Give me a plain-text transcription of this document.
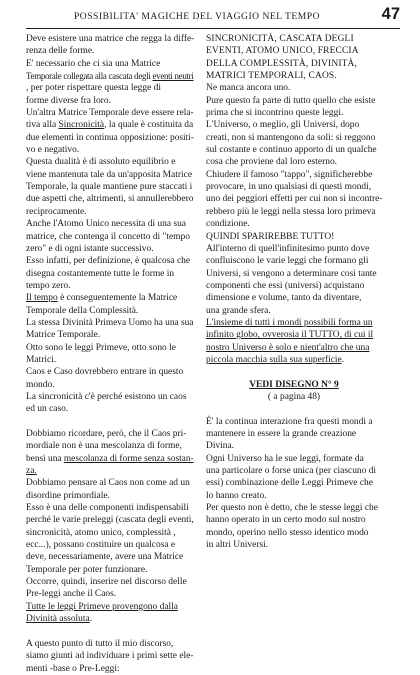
POSSIBILITA' MAGICHE DEL VIAGGIO NEL TEMPO	47
Deve esistere una matrice che regga la diffe-
renza delle forme.
E' necessario che ci sia una Matrice
Temporale collegata alla cascata degli eventi neutri
, per poter rispettare questa legge di
forme diverse fra loro.
Un'altra Matrice Temporale deve essere rela-
tiva alla Sincronicità, la quale è costituita da
due elementi in continua opposizione: positi-
vo e negativo.
Questa dualità è di assoluto equilibrio e
viene mantenuta tale da un'apposita Matrice
Temporale, la quale mantiene pure staccati i
due aspetti che, altrimenti, si annullerebbero
reciprocamente.
Anche l'Atomo Unico necessita di una sua
matrice, che contenga il concetto di "tempo
zero" e di ogni istante successivo.
Esso infatti, per definizione, è qualcosa che
disegna costantemente tutte le forme in
tempo zero.
Il tempo è conseguentemente la Matrice
Temporale della Complessità.
La stessa Divinità Primeva Uomo ha una sua
Matrice Temporale.
Otto sono le leggi Primeve, otto sono le
Matrici.
Caos e Caso dovrebbero entrare in questo
mondo.
La sincronicità c'è perché esistono un caos
ed un caso.
Dobbiamo ricordare, però, che il Caos pri-
mordiale non è una mescolanza di forme,
bensì una mescolanza di forme senza sostan-
za.
Dobbiamo pensare al Caos non come ad un
disordine primordiale.
Esso è una delle componenti indispensabili
perché le varie preleggi (cascata degli eventi,
sincronicità, atomo unico, complessità ,
ecc...), possano costituire un qualcosa e
deve, necessariamente, avere una Matrice
Temporale per poter funzionare.
Occorre, quindi, inserire nel discorso delle
Pre-leggi anche il Caos.
Tutte le leggi Primeve provengono dalla
Divinità assoluta.
A questo punto di tutto il mio discorso,
siamo giunti ad individuare i primi sette ele-
menti -base o Pre-Leggi:
SINCRONICITÀ, CASCATA DEGLI
EVENTI, ATOMO UNICO, FRECCIA
DELLA COMPLESSITÀ, DIVINITÀ,
MATRICI TEMPORALI, CAOS.
Ne manca ancora uno.
Pure questo fa parte di tutto quello che esiste
prima che si incontrino queste leggi.
L'Universo, o meglio, gli Universi, dopo
creati, non si mantengono da soli: si reggono
sul costante e continuo apporto di un qualche
cosa che proviene dal loro esterno.
Chiudere il famoso "tappo", significherebbe
provocare, in uno qualsiasi di questi mondi,
uno dei peggiori effetti per cui non si incontre-
rebbero più le leggi nella stessa loro primeva
condizione.
QUINDI SPARIREBBE TUTTO!
All'interno di quell'infinitesimo punto dove
confluiscono le varie leggi che formano gli
Universi, si vengono a determinare così tante
componenti che essi (universi) acquistano
dimensione e volume, tanto da diventare,
una grande sfera.
L'insieme di tutti i mondi possibili forma un
infinito globo, ovverosia il TUTTO, di cui il
nostro Universo è solo e nient'altro che una
piccola macchia sulla sua superficie.
VEDI DISEGNO N° 9
( a pagina 48)
È' la continua interazione fra questi mondi a
mantenere in essere la grande creazione
Divina.
Ogni Universo ha le sue leggi, formate da
una particolare o forse unica (per ciascuno di
essi) combinazione delle Leggi Primeve che
lo hanno creato.
Per questo non è detto, che le stesse leggi che
hanno operato in un certo modo sul nostro
mondo, operino nello stesso identico modo
in altri Universi.
